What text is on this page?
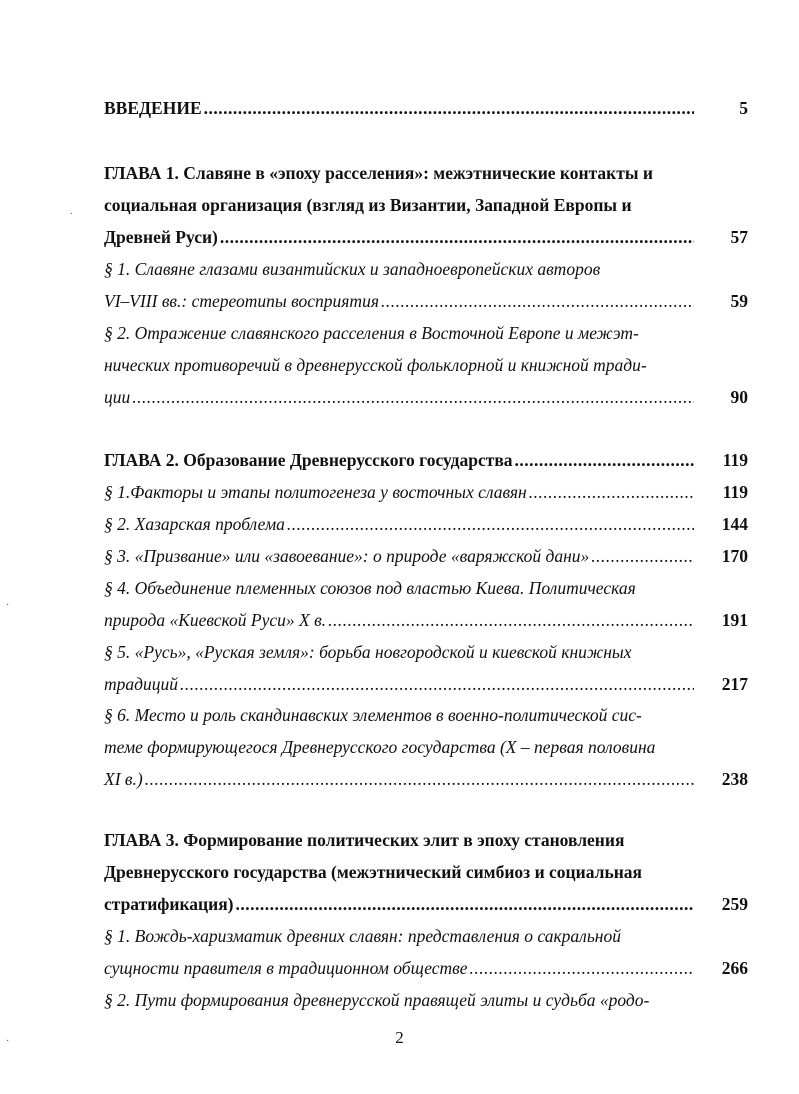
ВВЕДЕНИЕ .....	5
ГЛАВА 1. Славяне в «эпоху расселения»: межэтнические контакты и
социальная организация (взгляд из Византии, Западной Европы и
Древней Руси) .....	57
§ 1. Славяне глазами византийских и западноевропейских авторов
VI–VIII вв.: стереотипы восприятия .....	59
§ 2. Отражение славянского расселения в Восточной Европе и межэт-
нических противоречий в древнерусской фольклорной и книжной тради-
ции .....	90
ГЛАВА 2. Образование Древнерусского государства .....	119
§ 1.Факторы и этапы политогенеза у восточных славян .....	119
§ 2. Хазарская проблема .....	144
§ 3. «Призвание» или «завоевание»: о природе «варяжской дани» .....	170
§ 4. Объединение племенных союзов под властью Киева. Политическая
природа «Киевской Руси» X в. .....	191
§ 5. «Русь», «Руская земля»: борьба новгородской и киевской книжных
традиций .....	217
§ 6. Место и роль скандинавских элементов в военно-политической сис-
теме формирующегося Древнерусского государства (X – первая половина
XI в.) .....	238
ГЛАВА 3. Формирование политических элит в эпоху становления
Древнерусского государства (межэтнический симбиоз и социальная
стратификация) .....	259
§ 1. Вождь-харизматик древних славян: представления о сакральной
сущности правителя в традиционном обществе .....	266
§ 2. Пути формирования древнерусской правящей элиты и судьба «родо-
2
.
·
·
